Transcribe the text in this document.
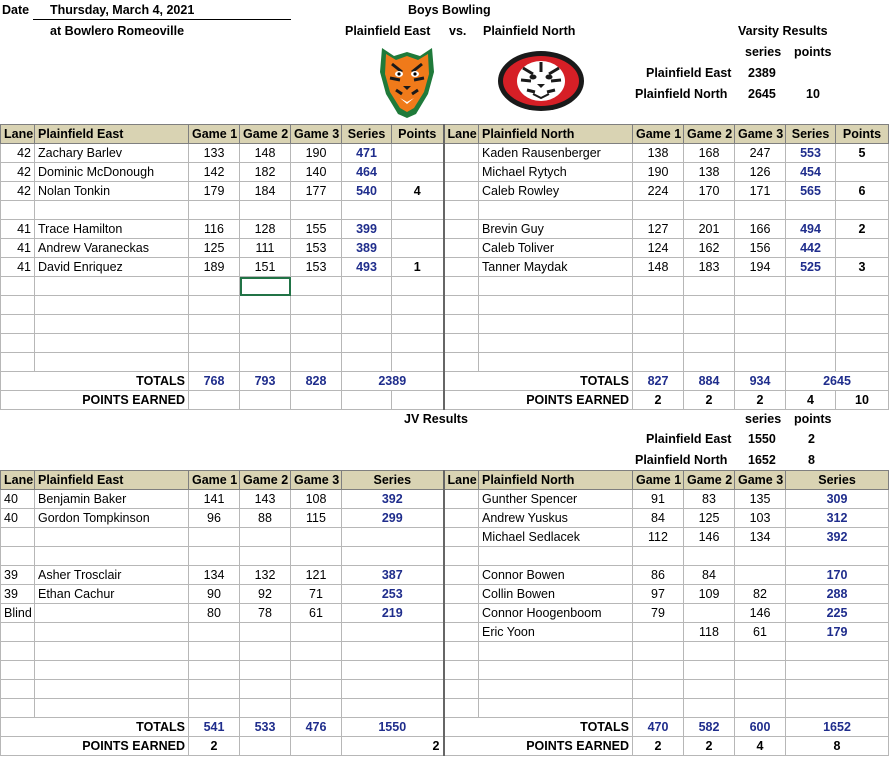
Date Thursday, March 4, 2021
at Bowlero Romeoville
Boys Bowling
Plainfield East vs. Plainfield North	Varsity Results
series points
Plainfield East 2389
Plainfield North 2645 10
JV Results	series points
Plainfield East 1550	2
Plainfield North 1652	8
Lane	Plainfield East	Game 1	Game 2	Game 3	Series	Points	Lane	Plainfield North	Game 1	Game 2	Game 3	Series	Points
42	Zachary Barlev	133	148	190	471			Kaden Rausenberger	138	168	247	553	5
42	Dominic McDonough	142	182	140	464			Michael Rytych	190	138	126	454	
42	Nolan Tonkin	179	184	177	540	4		Caleb Rowley	224	170	171	565	6

41	Trace Hamilton	116	128	155	399			Brevin Guy	127	201	166	494	2
41	Andrew Varaneckas	125	111	153	389			Caleb Toliver	124	162	156	442	
41	David Enriquez	189	151	153	493	1		Tanner Maydak	148	183	194	525	3

TOTALS		768	793	828	2389		TOTALS		827	884	934	2645	
POINTS EARNED							POINTS EARNED		2	2	2	4	10
Lane	Plainfield East	Game 1	Game 2	Game 3	Series	Lane	Plainfield North	Game 1	Game 2	Game 3	Series
40	Benjamin Baker	141	143	108	392		Gunther Spencer	91	83	135	309
40	Gordon Tompkinson	96	88	115	299		Andrew Yuskus	84	125	103	312
							Michael Sedlacek	112	146	134	392

39	Asher Trosclair	134	132	121	387		Connor Bowen	86	84		170
39	Ethan Cachur	90	92	71	253		Collin Bowen	97	109	82	288
Blind		80	78	61	219		Connor Hoogenboom	79		146	225
							Eric Yoon		118	61	179

TOTALS		541	533	476	1550	TOTALS		470	582	600	1652
POINTS EARNED		2			2	POINTS EARNED		2	2	4	8
